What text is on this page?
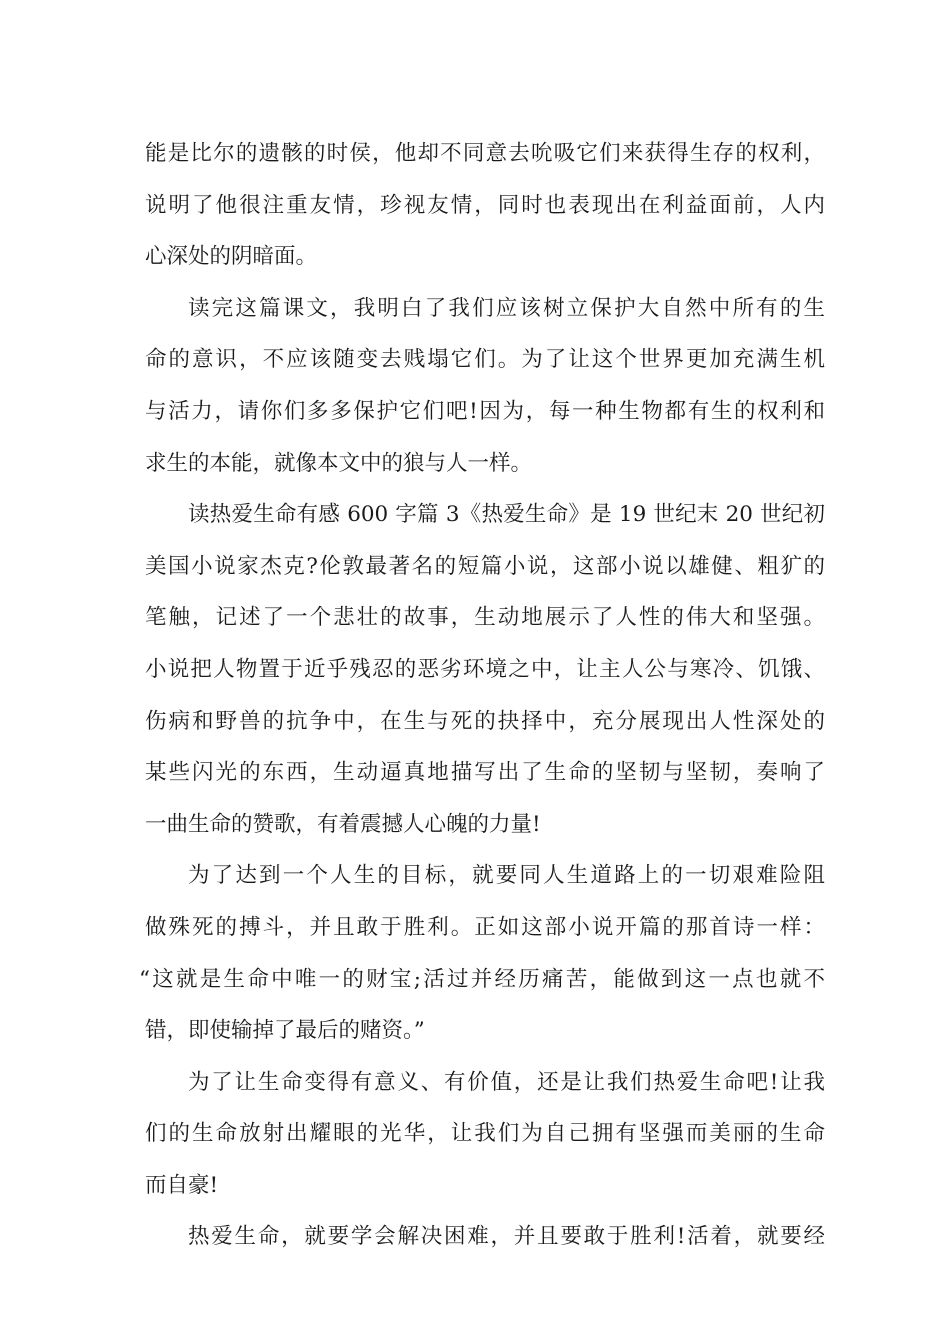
能是比尔的遗骸的时侯，他却不同意去吮吸它们来获得生存的权利，
说明了他很注重友情，珍视友情，同时也表现出在利益面前，人内
心深处的阴暗面。
读完这篇课文，我明白了我们应该树立保护大自然中所有的生
命的意识，不应该随变去贱塌它们。为了让这个世界更加充满生机
与活力，请你们多多保护它们吧!因为，每一种生物都有生的权利和
求生的本能，就像本文中的狼与人一样。
读热爱生命有感 600 字篇 3《热爱生命》是 19 世纪末 20 世纪初
美国小说家杰克?伦敦最著名的短篇小说，这部小说以雄健、粗犷的
笔触，记述了一个悲壮的故事，生动地展示了人性的伟大和坚强。
小说把人物置于近乎残忍的恶劣环境之中，让主人公与寒冷、饥饿、
伤病和野兽的抗争中，在生与死的抉择中，充分展现出人性深处的
某些闪光的东西，生动逼真地描写出了生命的坚韧与坚韧，奏响了
一曲生命的赞歌，有着震撼人心魄的力量!
为了达到一个人生的目标，就要同人生道路上的一切艰难险阻
做殊死的搏斗，并且敢于胜利。正如这部小说开篇的那首诗一样：
“这就是生命中唯一的财宝;活过并经历痛苦，能做到这一点也就不
错，即使输掉了最后的赌资。”
为了让生命变得有意义、有价值，还是让我们热爱生命吧!让我
们的生命放射出耀眼的光华，让我们为自己拥有坚强而美丽的生命
而自豪!
热爱生命，就要学会解决困难，并且要敢于胜利!活着，就要经
